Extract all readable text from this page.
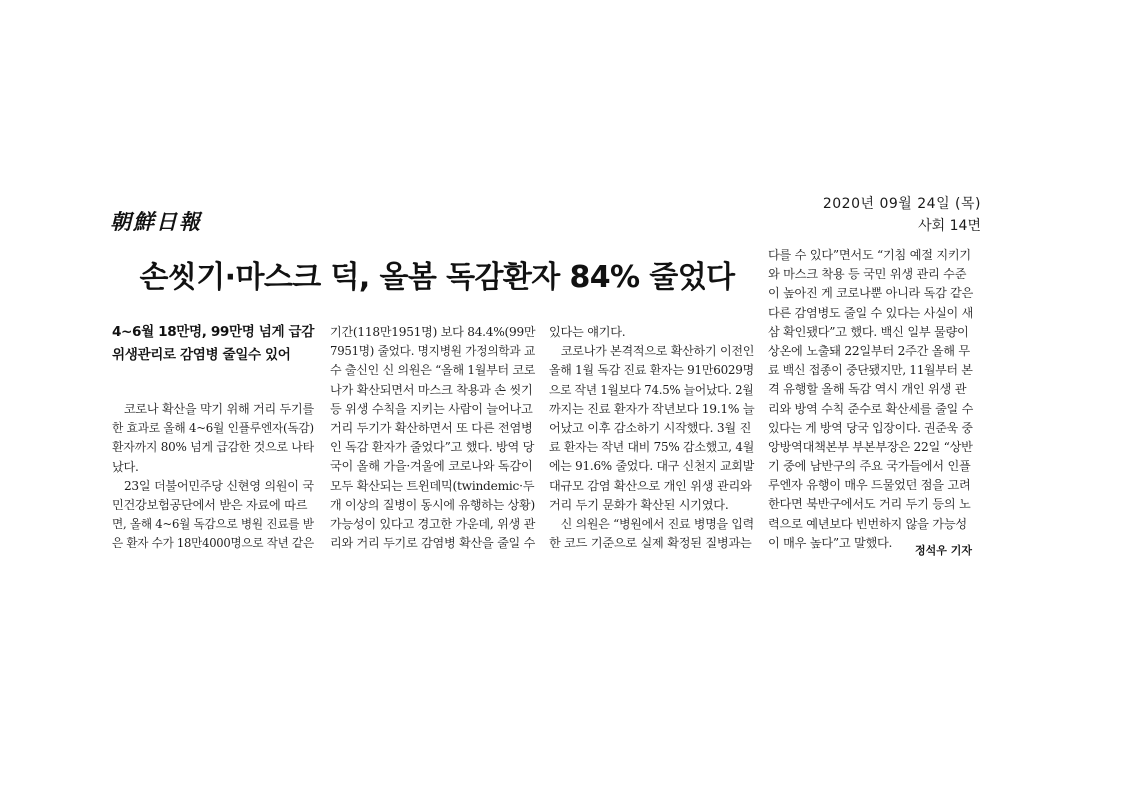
2020년 09월 24일 (목)
사회 14면
朝鮮日報
손씻기·마스크 덕, 올봄 독감환자 84% 줄었다
4~6월 18만명, 99만명 넘게 급감
위생관리로 감염병 줄일수 있어
코로나 확산을 막기 위해 거리 두기를
한 효과로 올해 4~6월 인플루엔자(독감)
환자까지 80% 넘게 급감한 것으로 나타
났다.
23일 더불어민주당 신현영 의원이 국
민건강보험공단에서 받은 자료에 따르
면, 올해 4~6월 독감으로 병원 진료를 받
은 환자 수가 18만4000명으로 작년 같은
기간(118만1951명) 보다 84.4%(99만
7951명) 줄었다. 명지병원 가정의학과 교
수 출신인 신 의원은 “올해 1월부터 코로
나가 확산되면서 마스크 착용과 손 씻기
등 위생 수칙을 지키는 사람이 늘어나고
거리 두기가 확산하면서 또 다른 전염병
인 독감 환자가 줄었다”고 했다. 방역 당
국이 올해 가을·겨울에 코로나와 독감이
모두 확산되는 트윈데믹(twindemic·두
개 이상의 질병이 동시에 유행하는 상황)
가능성이 있다고 경고한 가운데, 위생 관
리와 거리 두기로 감염병 확산을 줄일 수
있다는 얘기다.
코로나가 본격적으로 확산하기 이전인
올해 1월 독감 진료 환자는 91만6029명
으로 작년 1월보다 74.5% 늘어났다. 2월
까지는 진료 환자가 작년보다 19.1% 늘
어났고 이후 감소하기 시작했다. 3월 진
료 환자는 작년 대비 75% 감소했고, 4월
에는 91.6% 줄었다. 대구 신천지 교회발
대규모 감염 확산으로 개인 위생 관리와
거리 두기 문화가 확산된 시기였다.
신 의원은 “병원에서 진료 병명을 입력
한 코드 기준으로 실제 확정된 질병과는
다를 수 있다”면서도 “기침 예절 지키기
와 마스크 착용 등 국민 위생 관리 수준
이 높아진 게 코로나뿐 아니라 독감 같은
다른 감염병도 줄일 수 있다는 사실이 새
삼 확인됐다”고 했다. 백신 일부 물량이
상온에 노출돼 22일부터 2주간 올해 무
료 백신 접종이 중단됐지만, 11월부터 본
격 유행할 올해 독감 역시 개인 위생 관
리와 방역 수칙 준수로 확산세를 줄일 수
있다는 게 방역 당국 입장이다. 권준욱 중
앙방역대책본부 부본부장은 22일 “상반
기 중에 남반구의 주요 국가들에서 인플
루엔자 유행이 매우 드물었던 점을 고려
한다면 북반구에서도 거리 두기 등의 노
력으로 예년보다 빈번하지 않을 가능성
이 매우 높다”고 말했다.
정석우 기자
